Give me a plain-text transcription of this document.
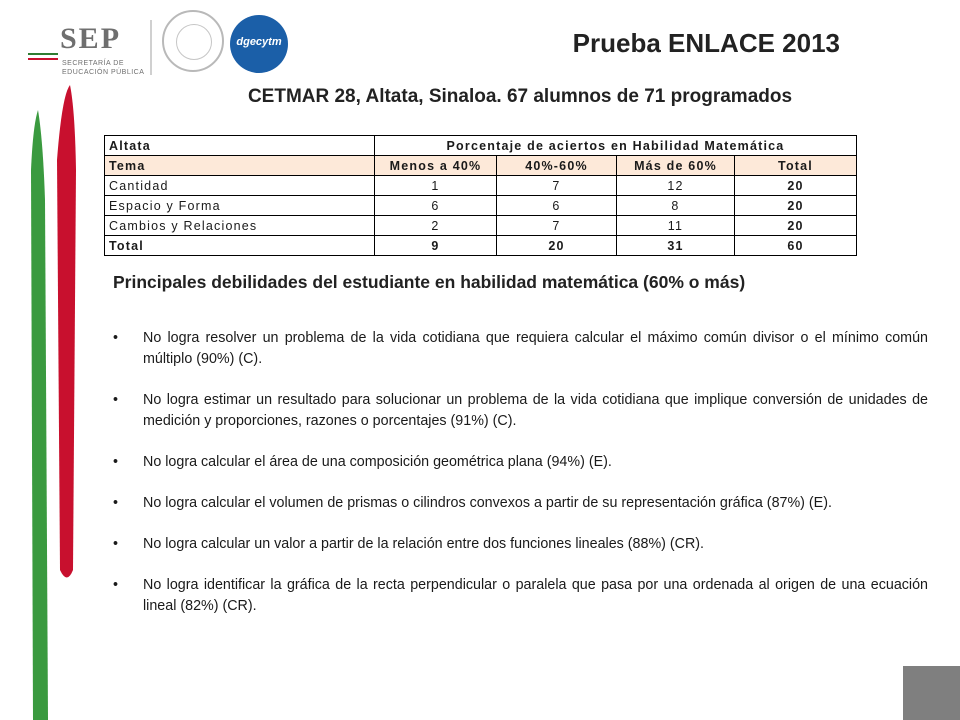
SEP
SECRETARÍA DE
EDUCACIÓN PÚBLICA
dgecytm	Prueba ENLACE 2013
CETMAR 28, Altata, Sinaloa. 67 alumnos de 71 programados
Altata	Porcentaje de aciertos en Habilidad Matemática			
Tema	Menos a 40%	40%-60%	Más de 60%	Total
Cantidad	1	7	12	20
Espacio y Forma	6	6	8	20
Cambios y Relaciones	2	7	11	20
Total	9	20	31	60
Principales debilidades del estudiante en habilidad matemática (60% o más)
• No logra resolver un problema de la vida cotidiana que requiera calcular el máximo común divisor o el mínimo común múltiplo (90%) (C).
• No logra estimar un resultado para solucionar un problema de la vida cotidiana que implique conversión de unidades de medición y proporciones, razones o porcentajes (91%) (C).
• No logra calcular el área de una composición geométrica plana (94%) (E).
• No logra calcular el volumen de prismas o cilindros convexos a partir de su representación gráfica (87%) (E).
• No logra calcular un valor a partir de la relación entre dos funciones lineales (88%) (CR).
• No logra identificar la gráfica de la recta perpendicular o paralela que pasa por una ordenada al origen de una ecuación lineal (82%) (CR).
